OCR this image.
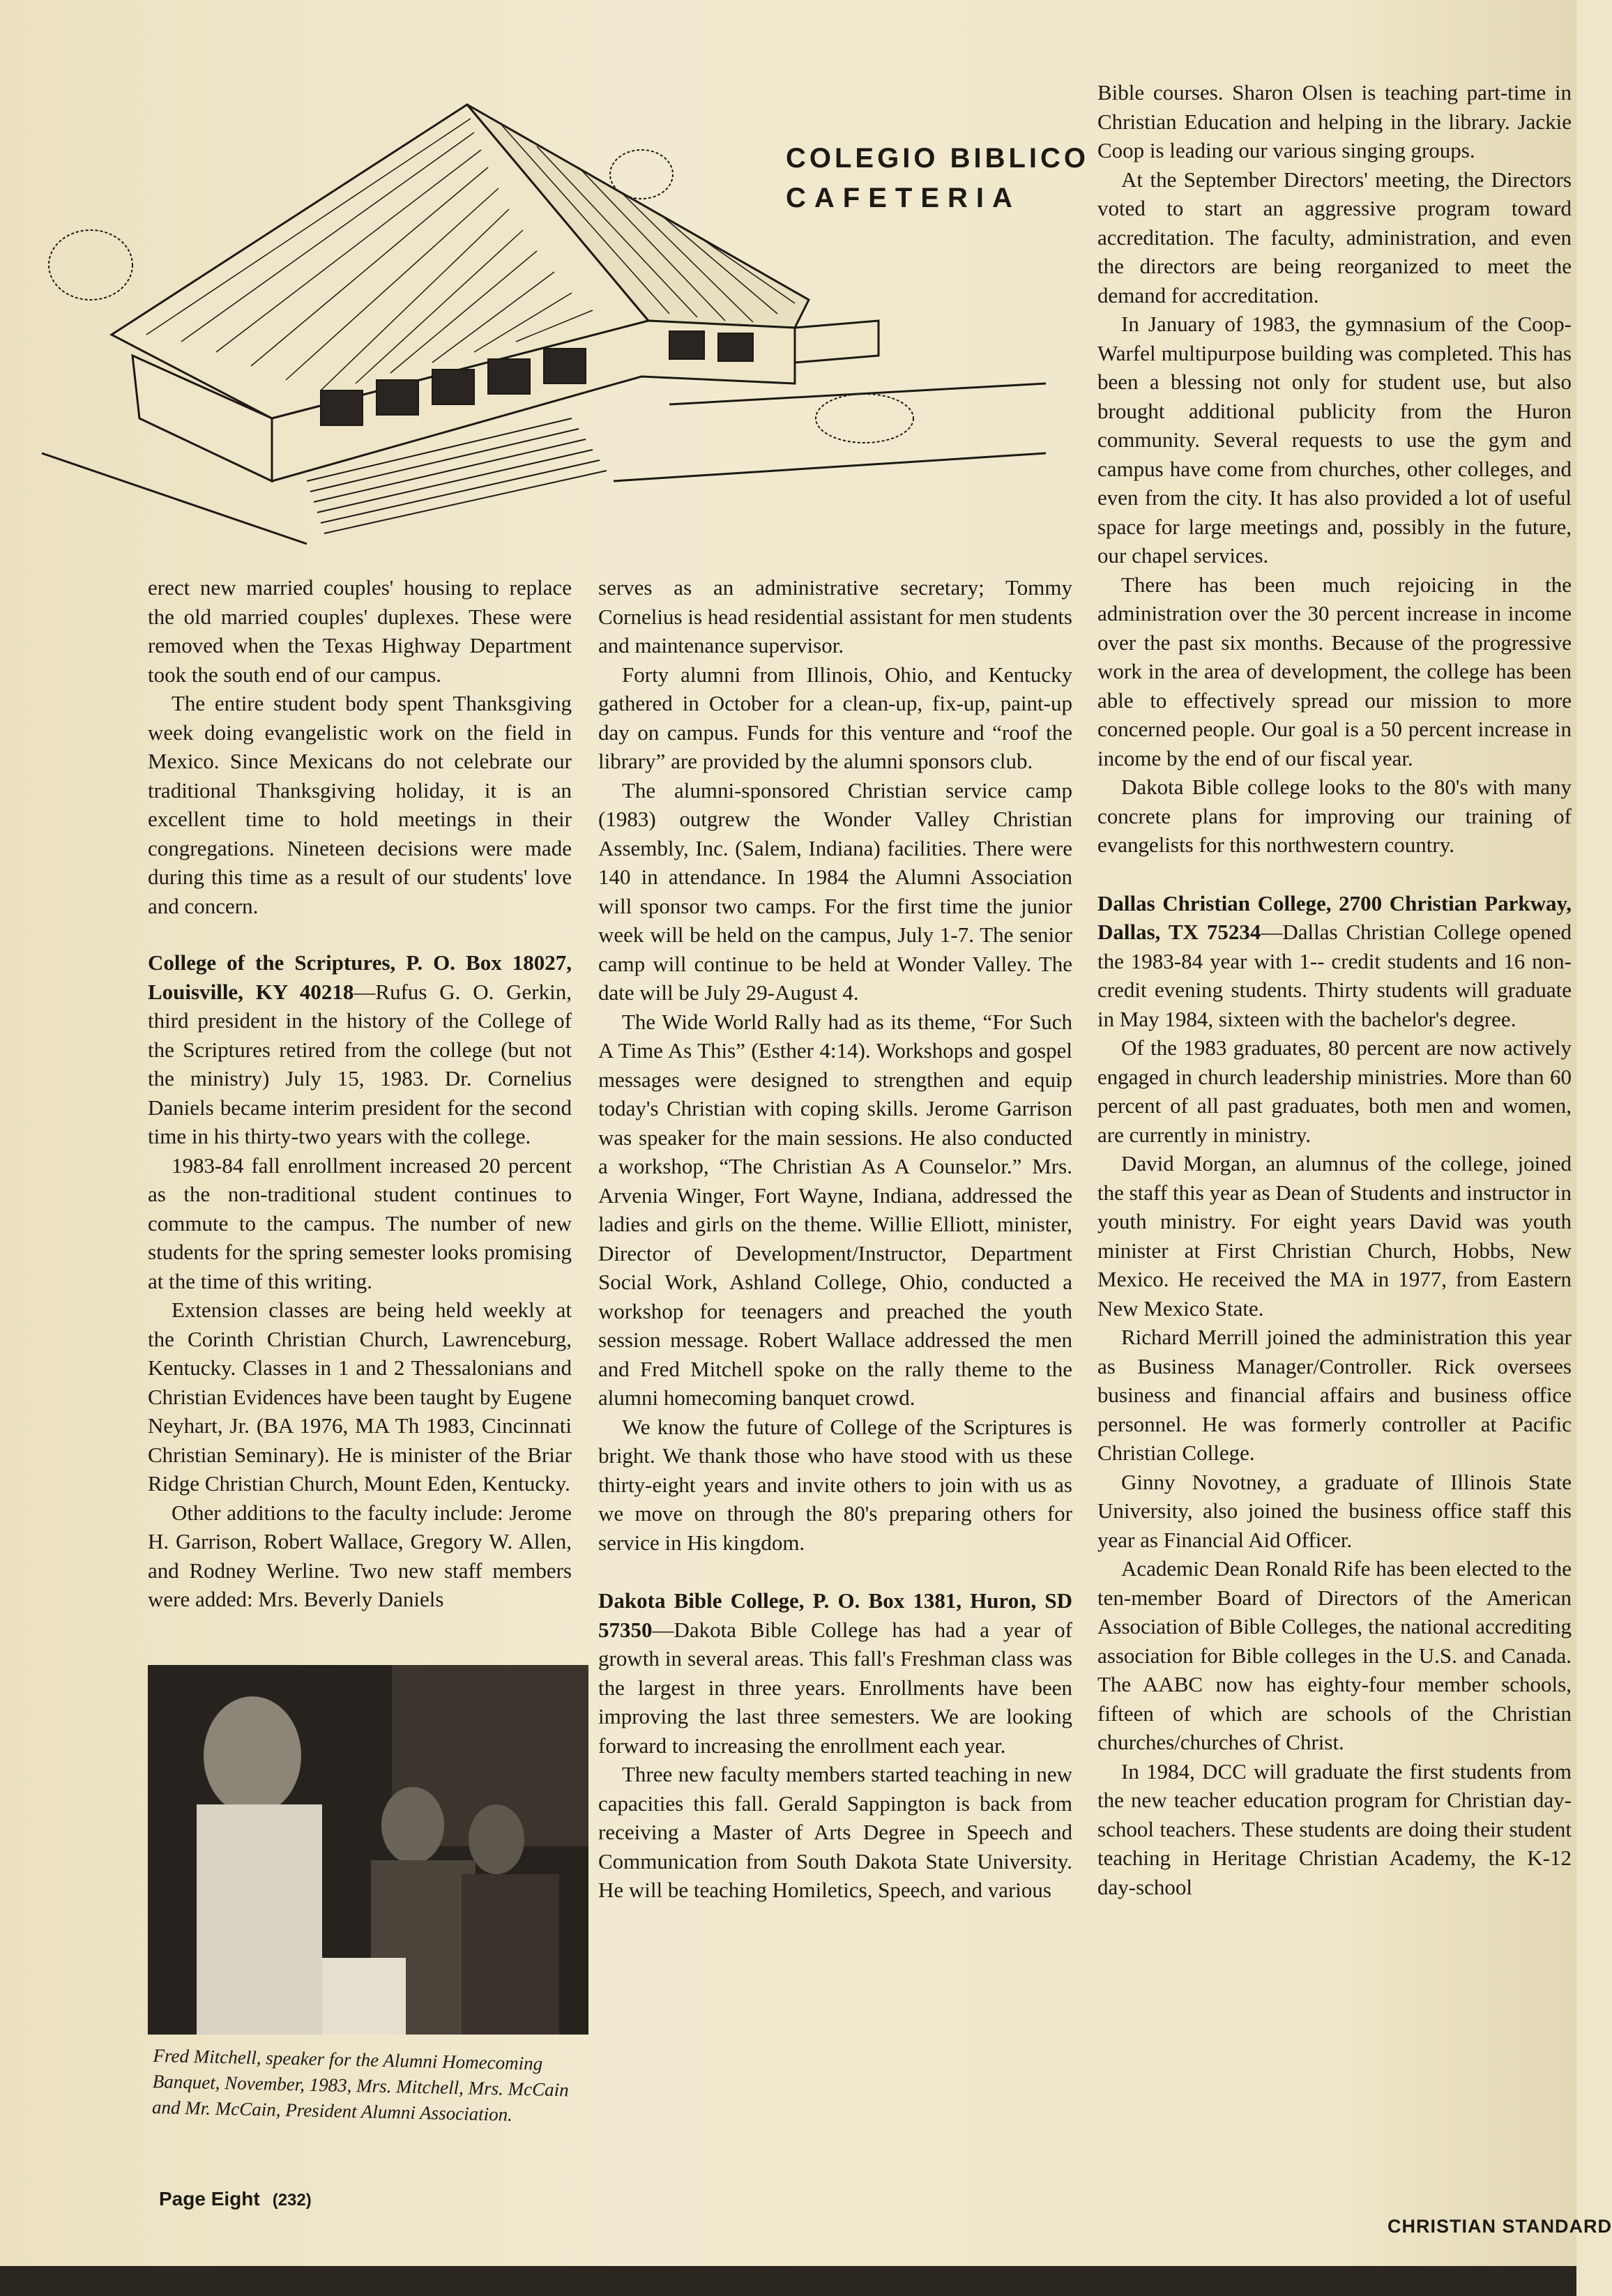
COLEGIO BIBLICO
CAFETERIA

erect new married couples' housing to replace the old married couples' duplexes. These were removed when the Texas Highway Department took the south end of our campus.

The entire student body spent Thanksgiving week doing evangelistic work on the field in Mexico. Since Mexicans do not celebrate our traditional Thanksgiving holiday, it is an excellent time to hold meetings in their congregations. Nineteen decisions were made during this time as a result of our students' love and concern.

College of the Scriptures, P. O. Box 18027, Louisville, KY 40218—Rufus G. O. Gerkin, third president in the history of the College of the Scriptures retired from the college (but not the ministry) July 15, 1983. Dr. Cornelius Daniels became interim president for the second time in his thirty-two years with the college.

1983-84 fall enrollment increased 20 percent as the non-traditional student continues to commute to the campus. The number of new students for the spring semester looks promising at the time of this writing.

Extension classes are being held weekly at the Corinth Christian Church, Lawrenceburg, Kentucky. Classes in 1 and 2 Thessalonians and Christian Evidences have been taught by Eugene Neyhart, Jr. (BA 1976, MA Th 1983, Cincinnati Christian Seminary). He is minister of the Briar Ridge Christian Church, Mount Eden, Kentucky.

Other additions to the faculty include: Jerome H. Garrison, Robert Wallace, Gregory W. Allen, and Rodney Werline. Two new staff members were added: Mrs. Beverly Daniels

Fred Mitchell, speaker for the Alumni Homecoming Banquet, November, 1983, Mrs. Mitchell, Mrs. McCain and Mr. McCain, President Alumni Association.

serves as an administrative secretary; Tommy Cornelius is head residential assistant for men students and maintenance supervisor.

Forty alumni from Illinois, Ohio, and Kentucky gathered in October for a clean-up, fix-up, paint-up day on campus. Funds for this venture and “roof the library” are provided by the alumni sponsors club.

The alumni-sponsored Christian service camp (1983) outgrew the Wonder Valley Christian Assembly, Inc. (Salem, Indiana) facilities. There were 140 in attendance. In 1984 the Alumni Association will sponsor two camps. For the first time the junior week will be held on the campus, July 1-7. The senior camp will continue to be held at Wonder Valley. The date will be July 29-August 4.

The Wide World Rally had as its theme, “For Such A Time As This” (Esther 4:14). Workshops and gospel messages were designed to strengthen and equip today's Christian with coping skills. Jerome Garrison was speaker for the main sessions. He also conducted a workshop, “The Christian As A Counselor.” Mrs. Arvenia Winger, Fort Wayne, Indiana, addressed the ladies and girls on the theme. Willie Elliott, minister, Director of Development/Instructor, Department Social Work, Ashland College, Ohio, conducted a workshop for teenagers and preached the youth session message. Robert Wallace addressed the men and Fred Mitchell spoke on the rally theme to the alumni homecoming banquet crowd.

We know the future of College of the Scriptures is bright. We thank those who have stood with us these thirty-eight years and invite others to join with us as we move on through the 80's preparing others for service in His kingdom.

Dakota Bible College, P. O. Box 1381, Huron, SD 57350—Dakota Bible College has had a year of growth in several areas. This fall's Freshman class was the largest in three years. Enrollments have been improving the last three semesters. We are looking forward to increasing the enrollment each year.

Three new faculty members started teaching in new capacities this fall. Gerald Sappington is back from receiving a Master of Arts Degree in Speech and Communication from South Dakota State University. He will be teaching Homiletics, Speech, and various

Bible courses. Sharon Olsen is teaching part-time in Christian Education and helping in the library. Jackie Coop is leading our various singing groups.

At the September Directors' meeting, the Directors voted to start an aggressive program toward accreditation. The faculty, administration, and even the directors are being reorganized to meet the demand for accreditation.

In January of 1983, the gymnasium of the Coop-Warfel multipurpose building was completed. This has been a blessing not only for student use, but also brought additional publicity from the Huron community. Several requests to use the gym and campus have come from churches, other colleges, and even from the city. It has also provided a lot of useful space for large meetings and, possibly in the future, our chapel services.

There has been much rejoicing in the administration over the 30 percent increase in income over the past six months. Because of the progressive work in the area of development, the college has been able to effectively spread our mission to more concerned people. Our goal is a 50 percent increase in income by the end of our fiscal year.

Dakota Bible college looks to the 80's with many concrete plans for improving our training of evangelists for this northwestern country.

Dallas Christian College, 2700 Christian Parkway, Dallas, TX 75234—Dallas Christian College opened the 1983-84 year with 1-- credit students and 16 non-credit evening students. Thirty students will graduate in May 1984, sixteen with the bachelor's degree.

Of the 1983 graduates, 80 percent are now actively engaged in church leadership ministries. More than 60 percent of all past graduates, both men and women, are currently in ministry.

David Morgan, an alumnus of the college, joined the staff this year as Dean of Students and instructor in youth ministry. For eight years David was youth minister at First Christian Church, Hobbs, New Mexico. He received the MA in 1977, from Eastern New Mexico State.

Richard Merrill joined the administration this year as Business Manager/Controller. Rick oversees business and financial affairs and business office personnel. He was formerly controller at Pacific Christian College.

Ginny Novotney, a graduate of Illinois State University, also joined the business office staff this year as Financial Aid Officer.

Academic Dean Ronald Rife has been elected to the ten-member Board of Directors of the American Association of Bible Colleges, the national accrediting association for Bible colleges in the U.S. and Canada. The AABC now has eighty-four member schools, fifteen of which are schools of the Christian churches/churches of Christ.

In 1984, DCC will graduate the first students from the new teacher education program for Christian day-school teachers. These students are doing their student teaching in Heritage Christian Academy, the K-12 day-school

Page Eight (232)
CHRISTIAN STANDARD
